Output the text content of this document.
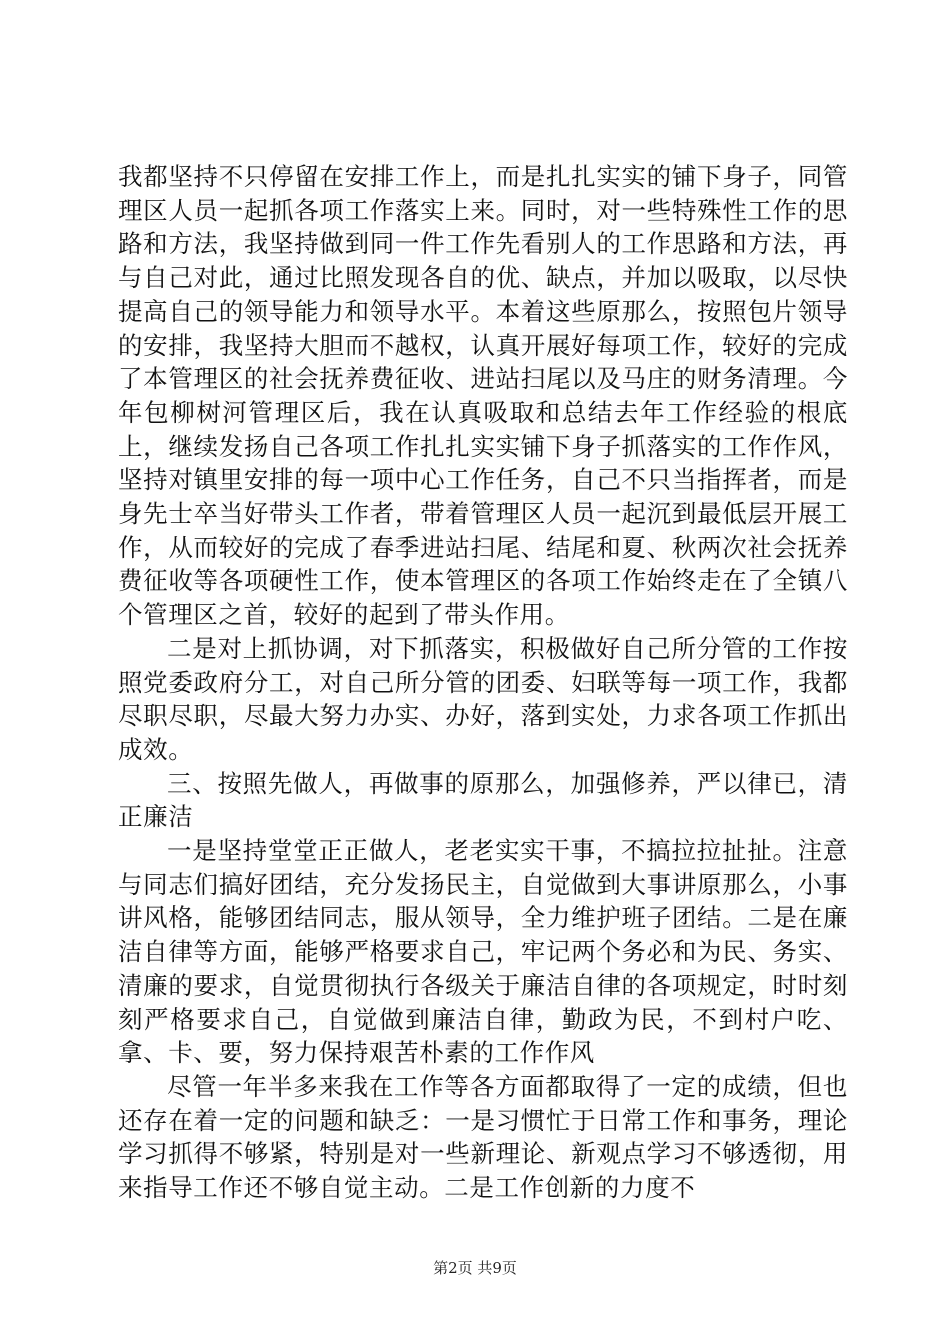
我都坚持不只停留在安排工作上，而是扎扎实实的铺下身子，同管理区人员一起抓各项工作落实上来。同时，对一些特殊性工作的思路和方法，我坚持做到同一件工作先看别人的工作思路和方法，再与自己对此，通过比照发现各自的优、缺点，并加以吸取，以尽快提高自己的领导能力和领导水平。本着这些原那么，按照包片领导的安排，我坚持大胆而不越权，认真开展好每项工作，较好的完成了本管理区的社会抚养费征收、进站扫尾以及马庄的财务清理。今年包柳树河管理区后，我在认真吸取和总结去年工作经验的根底上，继续发扬自己各项工作扎扎实实铺下身子抓落实的工作作风，坚持对镇里安排的每一项中心工作任务，自己不只当指挥者，而是身先士卒当好带头工作者，带着管理区人员一起沉到最低层开展工作，从而较好的完成了春季进站扫尾、结尾和夏、秋两次社会抚养费征收等各项硬性工作，使本管理区的各项工作始终走在了全镇八个管理区之首，较好的起到了带头作用。

二是对上抓协调，对下抓落实，积极做好自己所分管的工作按照党委政府分工，对自己所分管的团委、妇联等每一项工作，我都尽职尽职，尽最大努力办实、办好，落到实处，力求各项工作抓出成效。

三、按照先做人，再做事的原那么，加强修养，严以律已，清正廉洁

一是坚持堂堂正正做人，老老实实干事，不搞拉拉扯扯。注意与同志们搞好团结，充分发扬民主，自觉做到大事讲原那么，小事讲风格，能够团结同志，服从领导，全力维护班子团结。二是在廉洁自律等方面，能够严格要求自己，牢记两个务必和为民、务实、清廉的要求，自觉贯彻执行各级关于廉洁自律的各项规定，时时刻刻严格要求自己，自觉做到廉洁自律，勤政为民，不到村户吃、拿、卡、要，努力保持艰苦朴素的工作作风

尽管一年半多来我在工作等各方面都取得了一定的成绩，但也还存在着一定的问题和缺乏：一是习惯忙于日常工作和事务，理论学习抓得不够紧，特别是对一些新理论、新观点学习不够透彻，用来指导工作还不够自觉主动。二是工作创新的力度不

第2页 共9页
